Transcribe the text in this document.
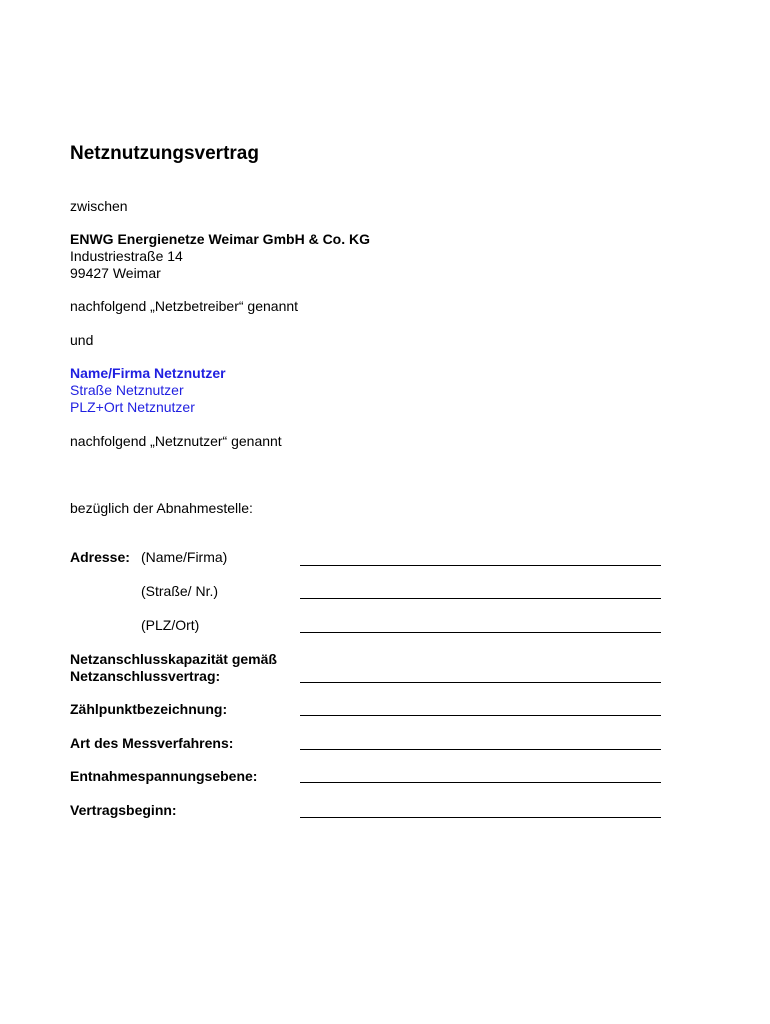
Netznutzungsvertrag
zwischen
ENWG Energienetze Weimar GmbH & Co. KG
Industriestraße 14
99427 Weimar
nachfolgend „Netzbetreiber“ genannt
und
Name/Firma Netznutzer
Straße Netznutzer
PLZ+Ort Netznutzer
nachfolgend „Netznutzer“ genannt
bezüglich der Abnahmestelle:
Adresse: (Name/Firma)
(Straße/ Nr.)
(PLZ/Ort)
Netzanschlusskapazität gemäß
Netzanschlussvertrag:
Zählpunktbezeichnung:
Art des Messverfahrens:
Entnahmespannungsebene:
Vertragsbeginn:
